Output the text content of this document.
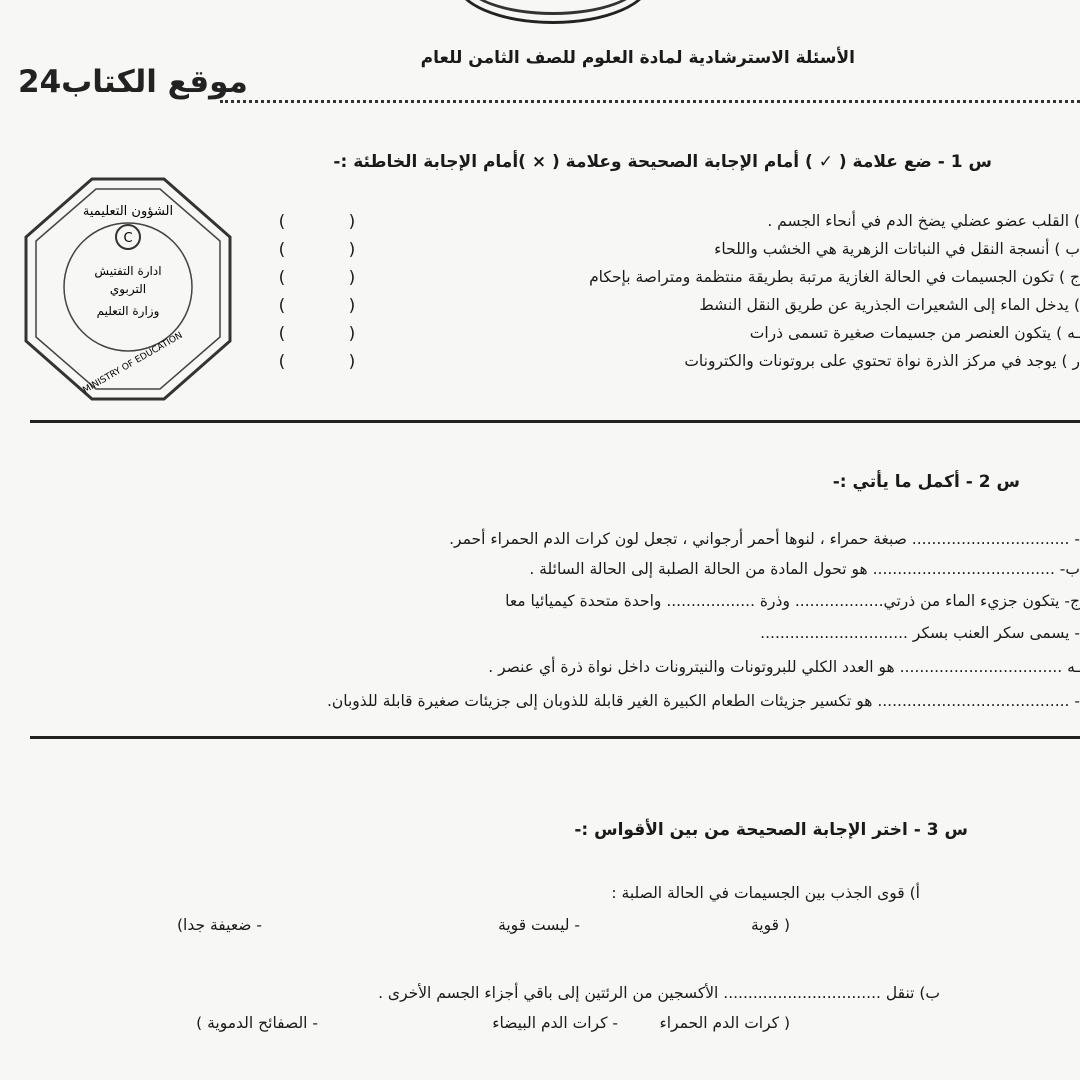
الأسئلة الاسترشادية لمادة العلوم للصف الثامن للعام
موقع الكتاب24
س 1 - ضع علامة ( ✓ ) أمام الإجابة الصحيحة وعلامة ( × )أمام الإجابة الخاطئة :-
C
الشؤون التعليمية
ادارة التفتيش
التربوي
وزارة التعليم
MINISTRY OF EDUCATION
) القلب عضو عضلي يضخ الدم في أنحاء الجسم .
ب ) أنسجة النقل في النباتات الزهرية هي الخشب واللحاء
ج ) تكون الجسيمات في الحالة الغازية مرتبة بطريقة منتظمة ومتراصة بإحكام
) يدخل الماء إلى الشعيرات الجذرية عن طريق النقل النشط
ـه ) يتكون العنصر من جسيمات صغيرة تسمى ذرات
ر ) يوجد في مركز الذرة نواة تحتوي على بروتونات والكترونات
)
)
)
)
)
)
(
(
(
(
(
(
س 2 - أكمل ما يأتي :-
- ................................ صبغة حمراء ، لنوها أحمر أرجواني ، تجعل لون كرات الدم الحمراء أحمر.
ب- ..................................... هو تحول المادة من الحالة الصلبة إلى الحالة السائلة .
ج- يتكون جزيء الماء من ذرتي.................. وذرة .................. واحدة متحدة كيميائيا معا
- يسمى سكر العنب بسكر ..............................
ـه ................................. هو العدد الكلي للبروتونات والنيترونات داخل نواة ذرة أي عنصر .
- ....................................... هو تكسير جزيئات الطعام الكبيرة الغير قابلة للذوبان إلى جزيئات صغيرة قابلة للذوبان.
س 3 - اختر الإجابة الصحيحة من بين الأقواس :-
أ) قوى الجذب بين الجسيمات في الحالة الصلبة :
( قوية
- ليست قوية
- ضعيفة جدا)
ب) تنقل ................................ الأكسجين من الرئتين إلى باقي أجزاء الجسم الأخرى .
( كرات الدم الحمراء
- كرات الدم البيضاء
- الصفائح الدموية )
